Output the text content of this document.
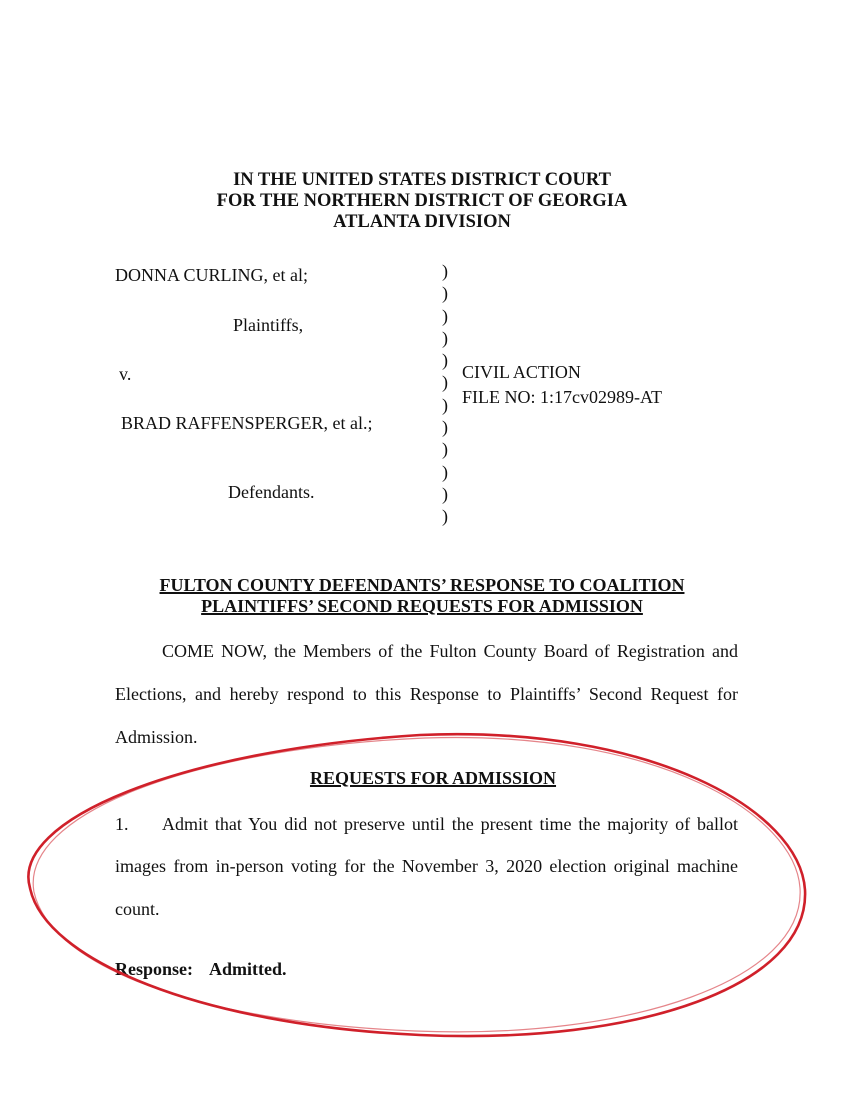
IN THE UNITED STATES DISTRICT COURT
FOR THE NORTHERN DISTRICT OF GEORGIA
ATLANTA DIVISION
DONNA CURLING, et al;
Plaintiffs,
v.
BRAD RAFFENSPERGER, et al.;
Defendants.
)
)
)
)
)
)
)
)
)
)
)
)
CIVIL ACTION
FILE NO: 1:17cv02989-AT
FULTON COUNTY DEFENDANTS’ RESPONSE TO COALITION
PLAINTIFFS’ SECOND REQUESTS FOR ADMISSION
COME NOW, the Members of the Fulton County Board of Registration and
Elections, and hereby respond to this Response to Plaintiffs’ Second Request for
Admission.
REQUESTS FOR ADMISSION
1. Admit that You did not preserve until the present time the majority of ballot
images from in-person voting for the November 3, 2020 election original machine
count.
Response: Admitted.
